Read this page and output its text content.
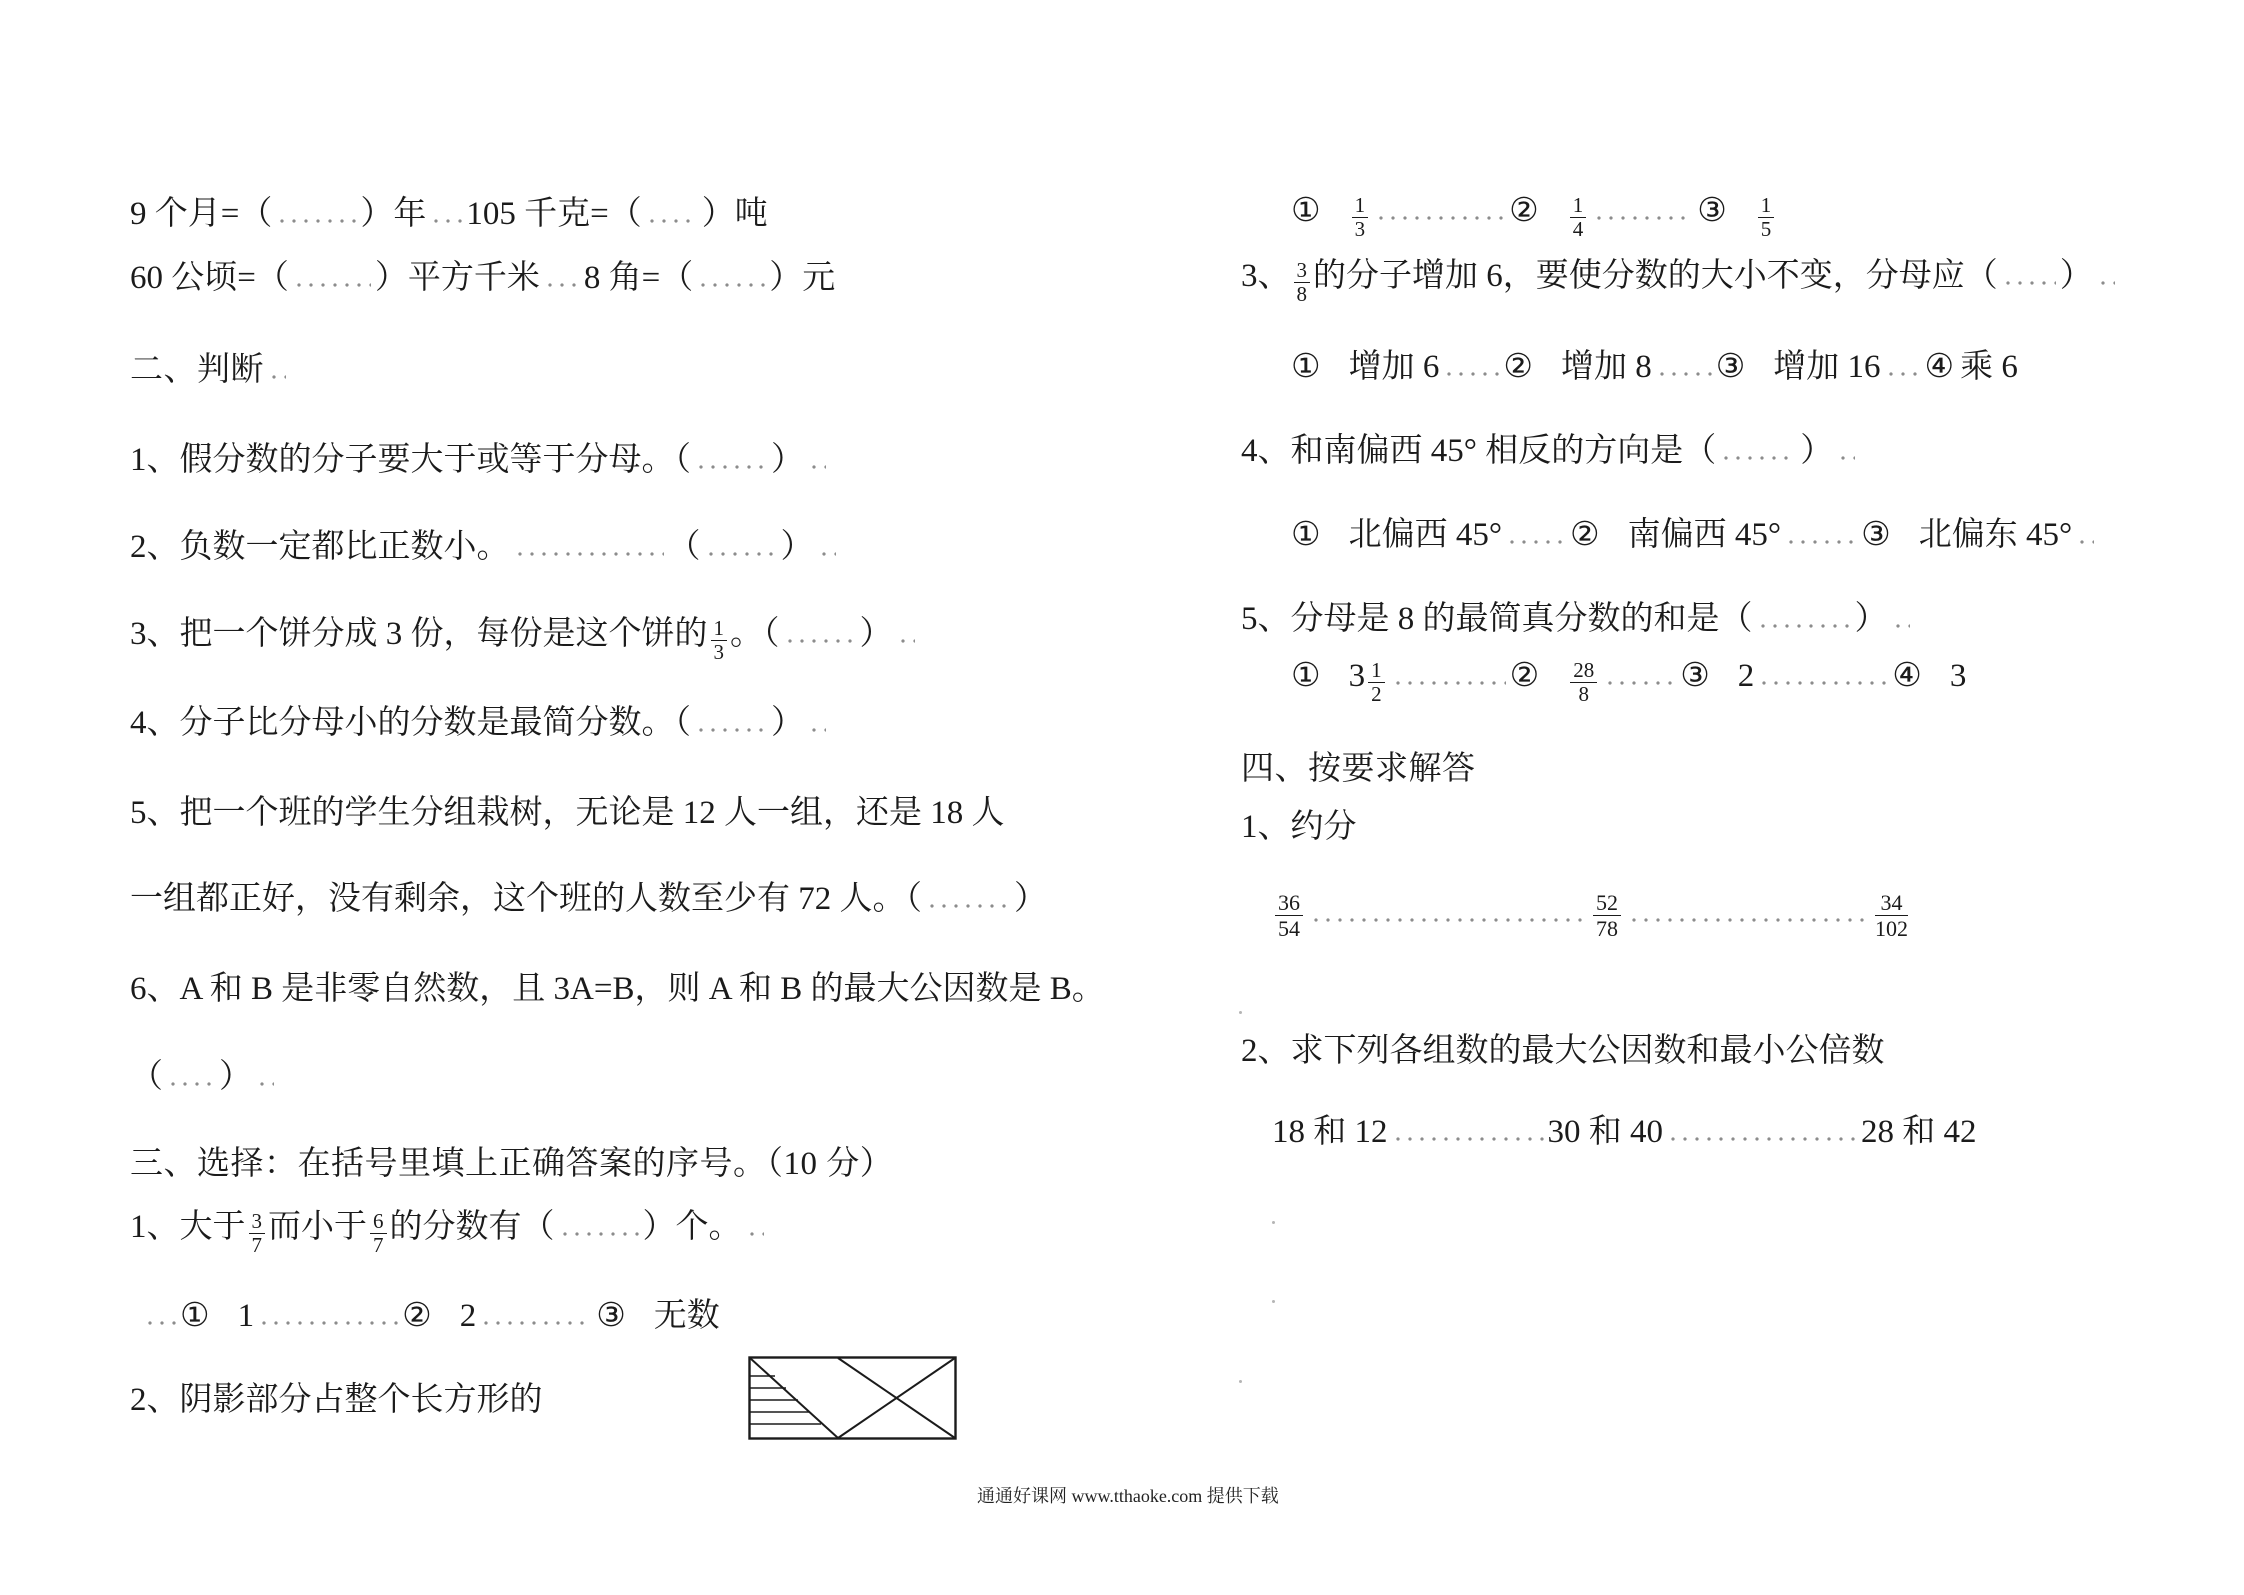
9 个月=（	）年 105 千克=（ ）吨
60 公顷=（	）平方千米 8 角=（ ）元
二、判断
1、假分数的分子要大于或等于分母。（ ）
2、负数一定都比正数小。	（ ）
3、把一个饼分成 3 份，每份是这个饼的 $\frac{1}{3}$ 。（ ）
4、分子比分母小的分数是最简分数。（ ）
5、把一个班的学生分组栽树，无论是 12 人一组，还是 18 人
一组都正好，没有剩余，这个班的人数至少有 72 人。（	）
6、A 和 B 是非零自然数，且 3A=B，则 A 和 B 的最大公因数是 B。
（ ）
三、选择：在括号里填上正确答案的序号。（10 分）
1、大于 $\frac{3}{7}$ 而小于 $\frac{6}{7}$ 的分数有（	）个。
① 1	② 2	③ 无数
2、阴影部分占整个长方形的
① $\frac{1}{3}$	② $\frac{1}{4}$	③ $\frac{1}{5}$
3、 $\frac{3}{8}$ 的分子增加 6，要使分数的大小不变，分母应（ ）
① 增加 6 ② 增加 8 ③ 增加 16 ④ 乘 6
4、和南偏西 45° 相反的方向是（	）
① 北偏西 45° ② 南偏西 45° ③ 北偏东 45°
5、分母是 8 的最简真分数的和是（	）
① $3 \frac{1}{2}$	② $\frac{28}{8}$	③ 2	④ 3
四、按要求解答
1、约分
$\frac{36}{54}$	$\frac{52}{78}$	$\frac{34}{102}$
2、求下列各组数的最大公因数和最小公倍数
18 和 12	30 和 40	28 和 42
通通好课网 www.tthaoke.com 提供下载
